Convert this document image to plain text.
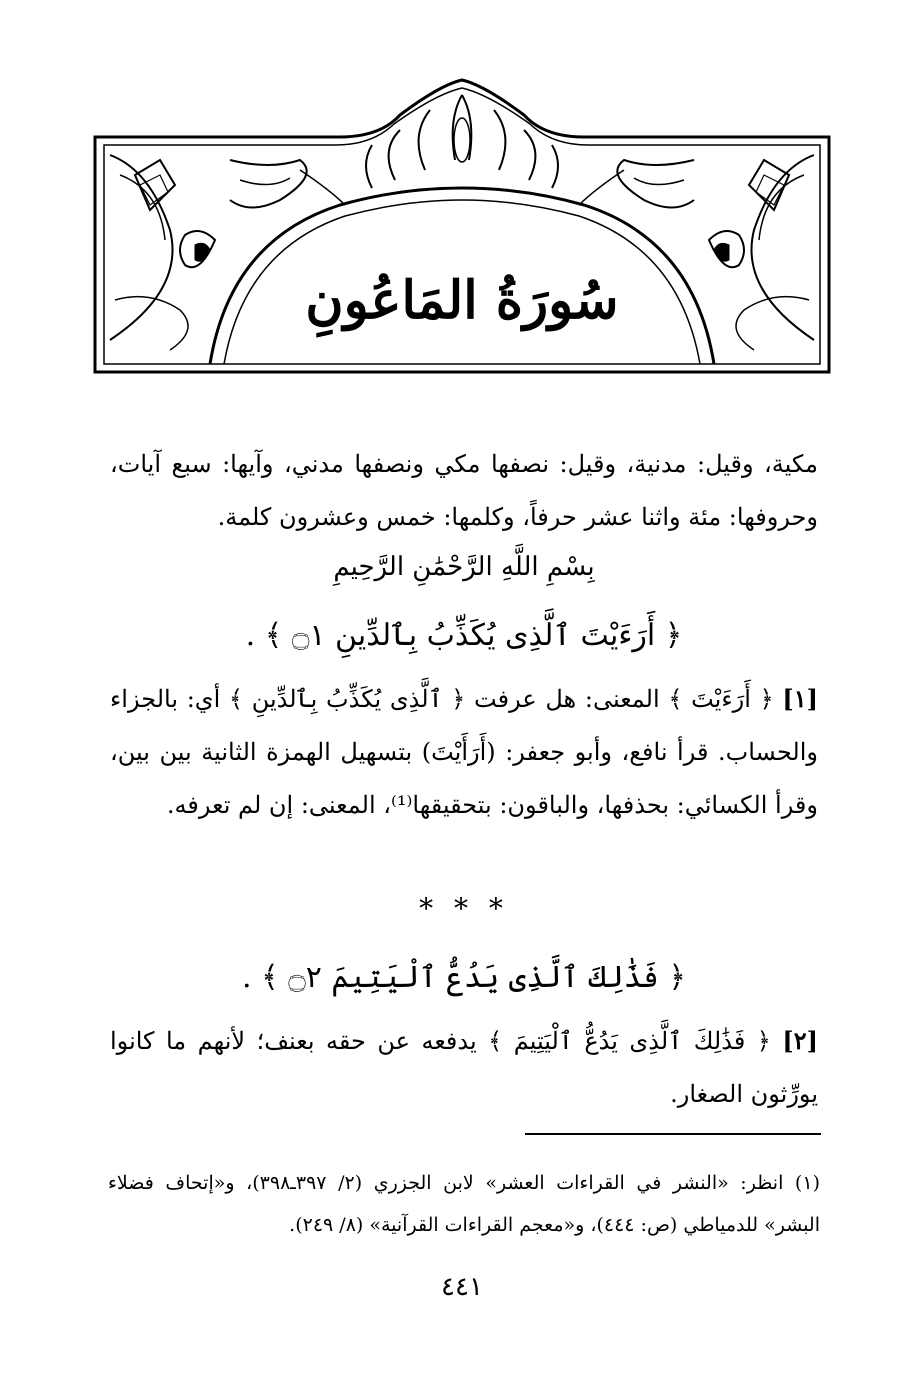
سُورَةُ المَاعُونِ
مكية، وقيل: مدنية، وقيل: نصفها مكي ونصفها مدني، وآيها: سبع آيات، وحروفها: مئة واثنا عشر حرفاً، وكلمها: خمس وعشرون كلمة.
بِسْمِ اللَّهِ الرَّحْمَٰنِ الرَّحِيمِ
﴿ أَرَءَيْتَ ٱلَّذِى يُكَذِّبُ بِٱلدِّينِ ۝١ ﴾ .
[١] ﴿ أَرَءَيْتَ ﴾ المعنى: هل عرفت ﴿ ٱلَّذِى يُكَذِّبُ بِٱلدِّينِ ﴾ أي: بالجزاء والحساب. قرأ نافع، وأبو جعفر: (أَرَأَيْتَ) بتسهيل الهمزة الثانية بين بين، وقرأ الكسائي: بحذفها، والباقون: بتحقيقها⁽¹⁾، المعنى: إن لم تعرفه.
* * *
﴿ فَذَٰلِكَ ٱلَّذِى يَدُعُّ ٱلْيَتِيمَ ۝٢ ﴾ .
[٢] ﴿ فَذَٰلِكَ ٱلَّذِى يَدُعُّ ٱلْيَتِيمَ ﴾ يدفعه عن حقه بعنف؛ لأنهم ما كانوا يورِّثون الصغار.
(١) انظر: «النشر في القراءات العشر» لابن الجزري (٢/ ٣٩٧ـ٣٩٨)، و«إتحاف فضلاء البشر» للدمياطي (ص: ٤٤٤)، و«معجم القراءات القرآنية» (٨/ ٢٤٩).
٤٤١
